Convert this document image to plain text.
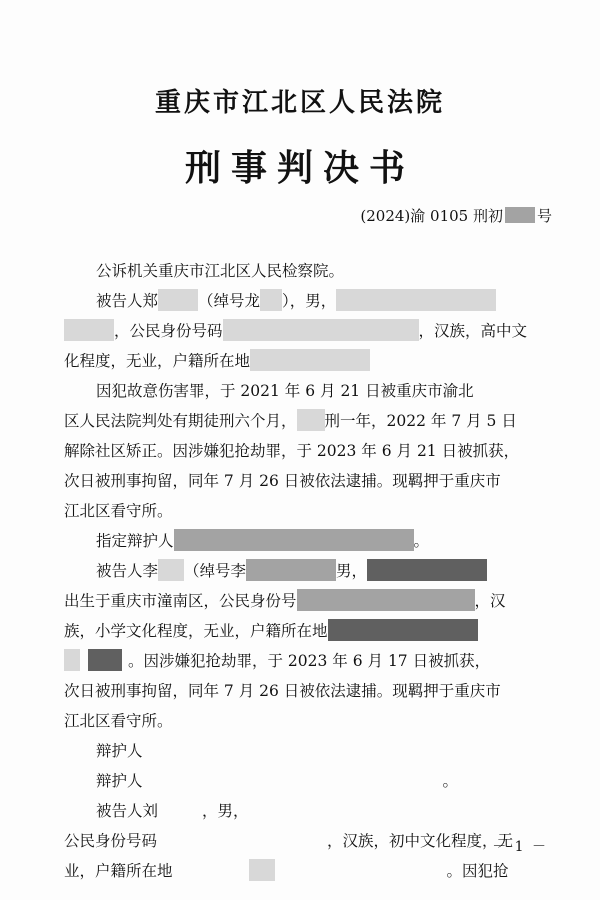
重庆市江北区人民法院
刑事判决书
(2024)渝 0105 刑初 号
公诉机关重庆市江北区人民检察院。
被告人郑	（绰号龙 ），男，
，公民身份号码	，汉族，高中文
化程度，无业，户籍所在地
因犯故意伤害罪，于 2021 年 6 月 21 日被重庆市渝北
区人民法院判处有期徒刑六个月， 刑一年，2022 年 7 月 5 日
解除社区矫正。因涉嫌犯抢劫罪，于 2023 年 6 月 21 日被抓获，
次日被刑事拘留，同年 7 月 26 日被依法逮捕。现羁押于重庆市
江北区看守所。
指定辩护人	。
被告人李 （绰号李	男，
出生于重庆市潼南区，公民身份号	，汉
族，小学文化程度，无业，户籍所在地
。因涉嫌犯抢劫罪，于 2023 年 6 月 17 日被抓获，
次日被刑事拘留，同年 7 月 26 日被依法逮捕。现羁押于重庆市
江北区看守所。
辩护人
辩护人	。
被告人刘	，男，
公民身份号码	，汉族，初中文化程度，无
业，户籍所在地	。因犯抢
－ 1 －
